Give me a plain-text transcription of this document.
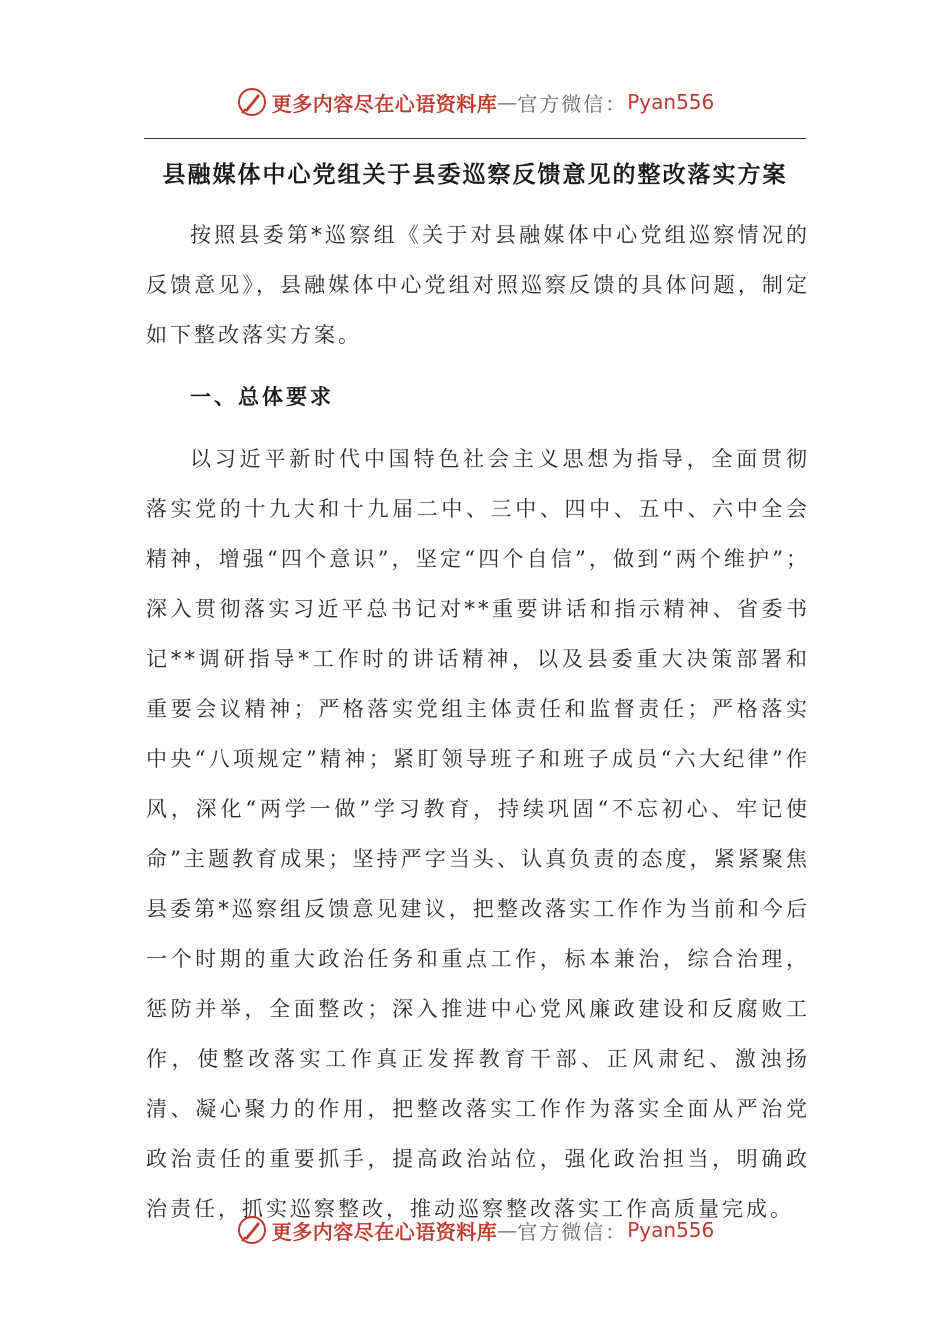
更多内容尽在心语资料库 — 官方微信： Pyan556
县融媒体中心党组关于县委巡察反馈意见的整改落实方案

按照县委第*巡察组《关于对县融媒体中心党组巡察情况的反馈意见》，县融媒体中心党组对照巡察反馈的具体问题，制定如下整改落实方案。

一、总体要求

以习近平新时代中国特色社会主义思想为指导，全面贯彻落实党的十九大和十九届二中、三中、四中、五中、六中全会精神，增强“四个意识”，坚定“四个自信”，做到“两个维护”；深入贯彻落实习近平总书记对**重要讲话和指示精神、省委书记**调研指导*工作时的讲话精神，以及县委重大决策部署和重要会议精神；严格落实党组主体责任和监督责任；严格落实中央“八项规定”精神；紧盯领导班子和班子成员“六大纪律”作风，深化“两学一做”学习教育，持续巩固“不忘初心、牢记使命”主题教育成果；坚持严字当头、认真负责的态度，紧紧聚焦县委第*巡察组反馈意见建议，把整改落实工作作为当前和今后一个时期的重大政治任务和重点工作，标本兼治，综合治理，惩防并举，全面整改；深入推进中心党风廉政建设和反腐败工作，使整改落实工作真正发挥教育干部、正风肃纪、激浊扬清、凝心聚力的作用，把整改落实工作作为落实全面从严治党政治责任的重要抓手，提高政治站位，强化政治担当，明确政治责任，抓实巡察整改，推动巡察整改落实工作高质量完成。

更多内容尽在心语资料库 — 官方微信： Pyan556
